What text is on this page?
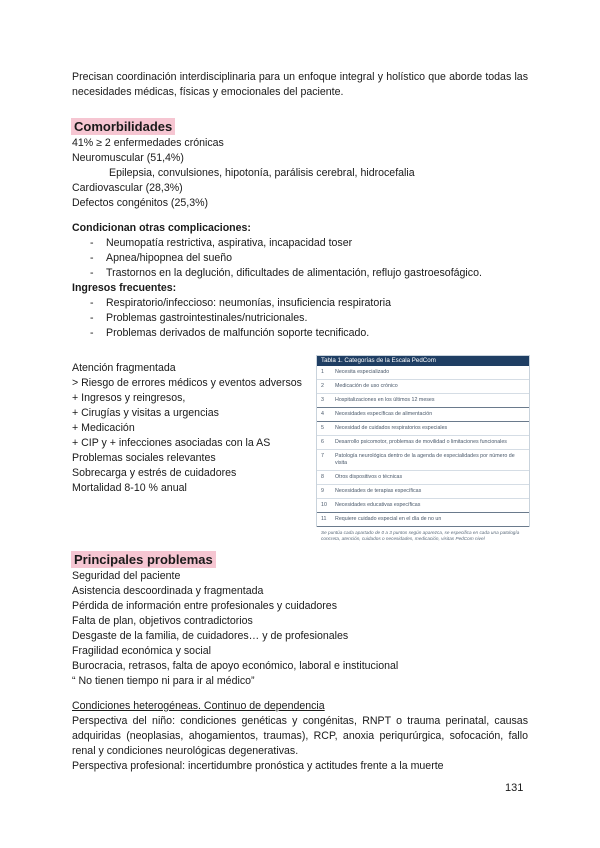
Precisan coordinación interdisciplinaria para un enfoque integral y holístico que aborde todas las necesidades médicas, físicas y emocionales del paciente.

Comorbilidades
41% ≥ 2 enfermedades crónicas
Neuromuscular (51,4%)
Epilepsia, convulsiones, hipotonía, parálisis cerebral, hidrocefalia
Cardiovascular (28,3%)
Defectos congénitos (25,3%)
Condicionan otras complicaciones:
- Neumopatía restrictiva, aspirativa, incapacidad toser
- Apnea/hipopnea del sueño
- Trastornos en la deglución, dificultades de alimentación, reflujo gastroesofágico.
Ingresos frecuentes:
- Respiratorio/infeccioso: neumonías, insuficiencia respiratoria
- Problemas gastrointestinales/nutricionales.
- Problemas derivados de malfunción soporte tecnificado.
Atención fragmentada
> Riesgo de errores médicos y eventos adversos
+ Ingresos y reingresos,
+ Cirugías y visitas a urgencias
+ Medicación
+ CIP y + infecciones asociadas con la AS
Problemas sociales relevantes
Sobrecarga y estrés de cuidadores
Mortalidad 8-10 % anual
Tabla 1. Categorías de la Escala PedCom
1	Necesita especializado
2	Medicación de uso crónico
3	Hospitalizaciones en los últimos 12 meses
4	Necesidades específicas de alimentación
5	Necesidad de cuidados respiratorios especiales
6	Desarrollo psicomotor, problemas de movilidad o limitaciones funcionales
7	Patología neurológica dentro de la agenda de especialidades por número de visita
8	Otros dispositivos o técnicas
9	Necesidades de terapias específicas
10	Necesidades educativas específicas
11	Requiere cuidado especial en el día de no un
Se puntúa cada apartado de 0 a 3 puntos según aparezca, se especifica en cada una patología concreta, atención, cuidados o necesidades, medicación, visitas PedCom nivel
Principales problemas
Seguridad del paciente
Asistencia descoordinada y fragmentada
Pérdida de información entre profesionales y cuidadores
Falta de plan, objetivos contradictorios
Desgaste de la familia, de cuidadores… y de profesionales
Fragilidad económica y social
Burocracia, retrasos, falta de apoyo económico, laboral e institucional
“ No tienen tiempo ni para ir al médico”
Condiciones heterogéneas. Continuo de dependencia
Perspectiva del niño: condiciones genéticas y congénitas, RNPT o trauma perinatal, causas adquiridas (neoplasias, ahogamientos, traumas), RCP, anoxia periqurúrgica, sofocación, fallo renal y condiciones neurológicas degenerativas.
Perspectiva profesional: incertidumbre pronóstica y actitudes frente a la muerte
131
